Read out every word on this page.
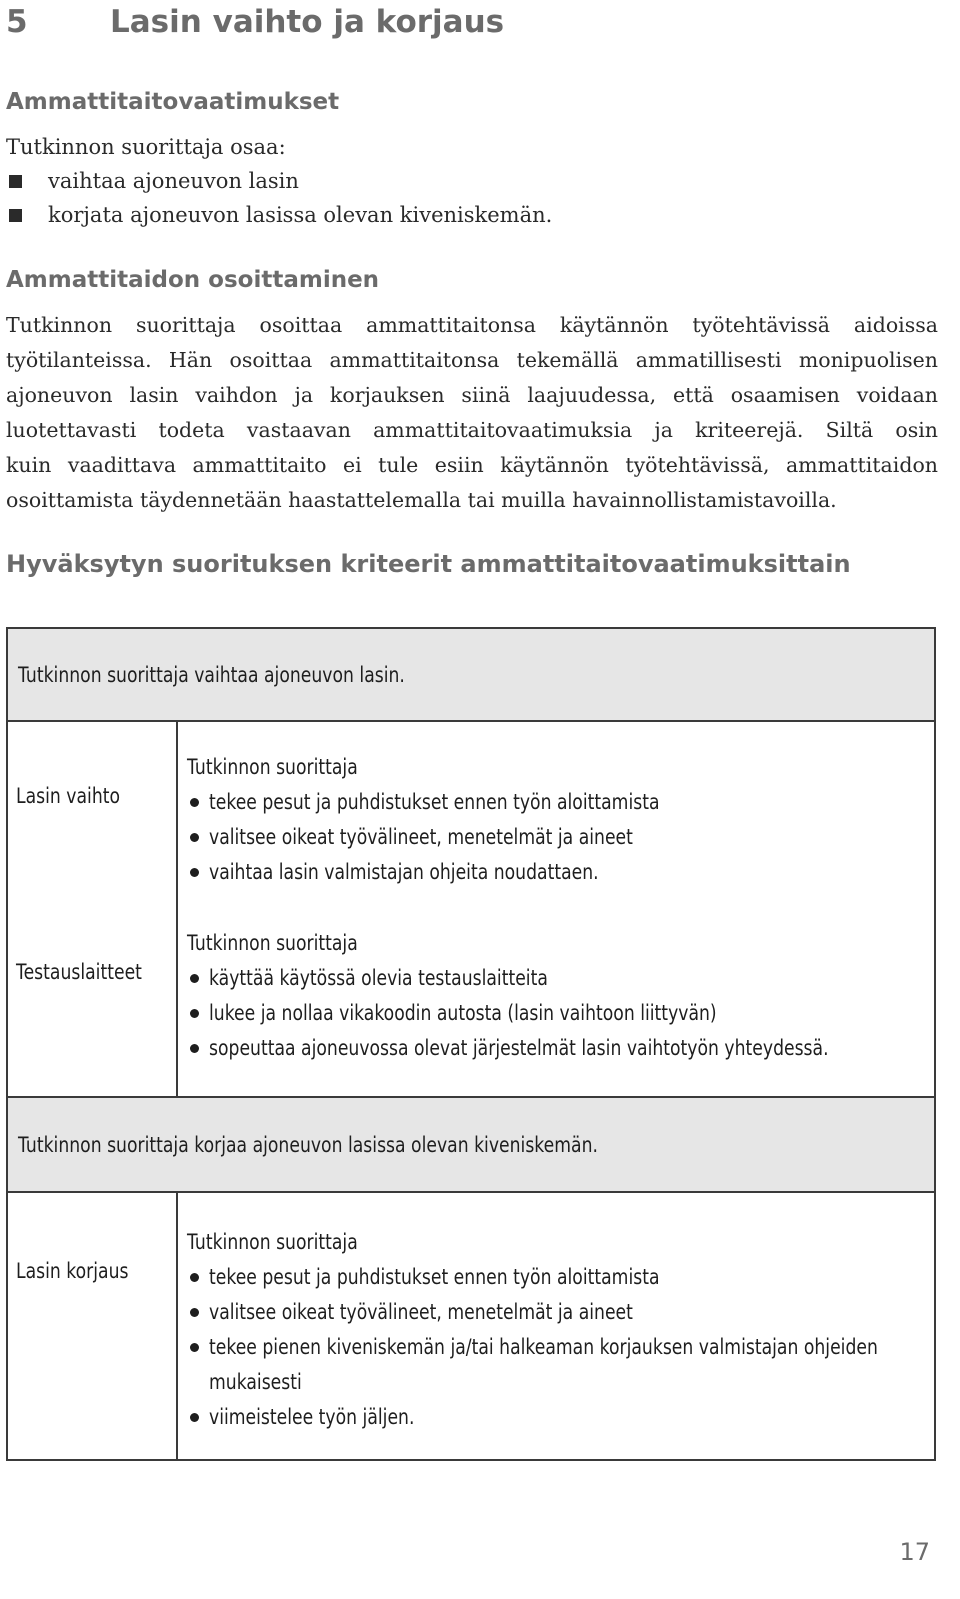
5	Lasin vaihto ja korjaus
Ammattitaitovaatimukset
Tutkinnon suorittaja osaa:
vaihtaa ajoneuvon lasin
korjata ajoneuvon lasissa olevan kiveniskemän.
Ammattitaidon osoittaminen
Tutkinnon suorittaja osoittaa ammattitaitonsa käytännön työtehtävissä aidoissa
työtilanteissa. Hän osoittaa ammattitaitonsa tekemällä ammatillisesti monipuolisen
ajoneuvon lasin vaihdon ja korjauksen siinä laajuudessa, että osaamisen voidaan
luotettavasti todeta vastaavan ammattitaitovaatimuksia ja kriteerejä. Siltä osin
kuin vaadittava ammattitaito ei tule esiin käytännön työtehtävissä, ammattitaidon
osoittamista täydennetään haastattelemalla tai muilla havainnollistamistavoilla.
Hyväksytyn suorituksen kriteerit ammattitaitovaatimuksittain
Tutkinnon suorittaja vaihtaa ajoneuvon lasin.
Lasin vaihto
Tutkinnon suorittaja
tekee pesut ja puhdistukset ennen työn aloittamista
valitsee oikeat työvälineet, menetelmät ja aineet
vaihtaa lasin valmistajan ohjeita noudattaen.
Testauslaitteet
Tutkinnon suorittaja
käyttää käytössä olevia testauslaitteita
lukee ja nollaa vikakoodin autosta (lasin vaihtoon liittyvän)
sopeuttaa ajoneuvossa olevat järjestelmät lasin vaihtotyön yhteydessä.
Tutkinnon suorittaja korjaa ajoneuvon lasissa olevan kiveniskemän.
Lasin korjaus
Tutkinnon suorittaja
tekee pesut ja puhdistukset ennen työn aloittamista
valitsee oikeat työvälineet, menetelmät ja aineet
tekee pienen kiveniskemän ja/tai halkeaman korjauksen valmistajan ohjeiden
mukaisesti
viimeistelee työn jäljen.
17
